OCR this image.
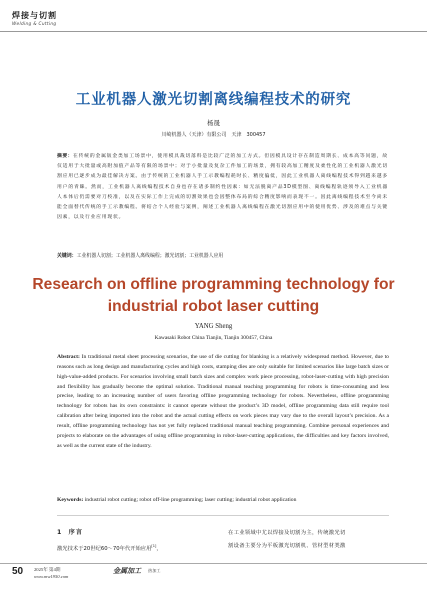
焊接与切割
Welding & Cutting
工业机器人激光切割离线编程技术的研究
杨晟
川崎机器人（天津）有限公司　天津　300457
摘要：在传统的金属钣金类加工场景中，使用模具裁切落料是比较广泛的加工方式。但因模具设计存在制造周期长、成本高等问题，故仅适用于大批量或高附加值产品等有限的场景中；对于小批量及复杂工件加工的场景，拥有较高加工精度及柔性化的工业机器人激光切割应用已逐步成为最佳解决方案。由于传统的工业机器人手工示教编程耗时长、精度偏低，因此工业机器人离线编程技术得到越来越多用户的青睐。然而，工业机器人离线编程技术自身也存在诸多制约性因素：如无法脱离产品3D模型图、离线编程轨迹须导入工业机器人本体后仍需要对刀校准，以及在实际工作上完成的切割效果也会因整体布局的综合精度影响而表现不一。因此离线编程技术至今尚未能全面替代传统的手工示教编程。将结合个人经验与案例，阐述工业机器人离线编程在激光切割应用中的使用优势、涉及的难点与关键因素，以及行业应用现状。
关键词：工业机器人切割；工业机器人离线编程；激光切割；工业机器人应用
Research on offline programming technology for
industrial robot laser cutting
YANG Sheng
Kawasaki Robot China Tianjin, Tianjin 300457, China
Abstract: In traditional metal sheet processing scenarios, the use of die cutting for blanking is a relatively widespread method. However, due to reasons such as long design and manufacturing cycles and high costs, stamping dies are only suitable for limited scenarios like large batch sizes or high-value-added products. For scenarios involving small batch sizes and complex work piece processing, robot-laser-cutting with high precision and flexibility has gradually become the optimal solution. Traditional manual teaching programming for robots is time-consuming and less precise, leading to an increasing number of users favoring offline programming technology for robots. Nevertheless, offline programming technology for robots has its own constraints: it cannot operate without the product’s 3D model, offline programming data still require tool calibration after being imported into the robot and the actual cutting effects on work pieces may vary due to the overall layout’s precision. As a result, offline programming technology has not yet fully replaced traditional manual teaching programming. Combine personal experiences and projects to elaborate on the advantages of using offline programming in robot-laser-cutting applications, the difficulties and key factors involved, as well as the current state of the industry.
Keywords: industrial robot cutting; robot off-line programming; laser cutting; industrial robot application
1 序言
激光技术于20世纪60～70年代开始应用[1]，
在工业领域中尤以焊接及切割为主，传统激光切
割设备主要分为平板激光切割机、管材型材类激
50 2025年 第4期
www.mw1950.com
金属加工 热加工
